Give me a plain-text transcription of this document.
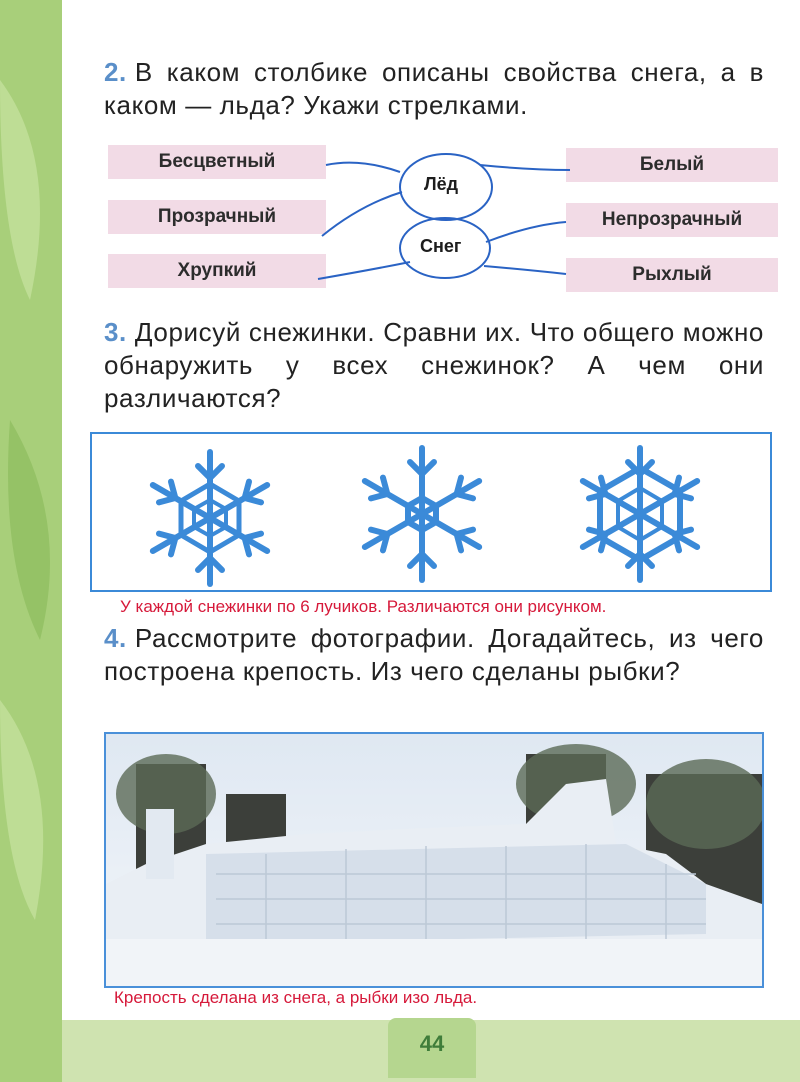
44
2. В каком столбике описаны свойства снега, а в каком — льда? Укажи стрелками.
Бесцветный
Прозрачный
Хрупкий
Белый
Непрозрачный
Рыхлый
Лёд
Снег
3. Дорисуй снежинки. Сравни их. Что общего можно обнаружить у всех снежинок? А чем они различаются?
У каждой снежинки по 6 лучиков. Различаются они рисунком.
4. Рассмотрите фотографии. Догадайтесь, из чего построена крепость. Из чего сделаны рыбки?
Крепость сделана из снега, а рыбки изо льда.
